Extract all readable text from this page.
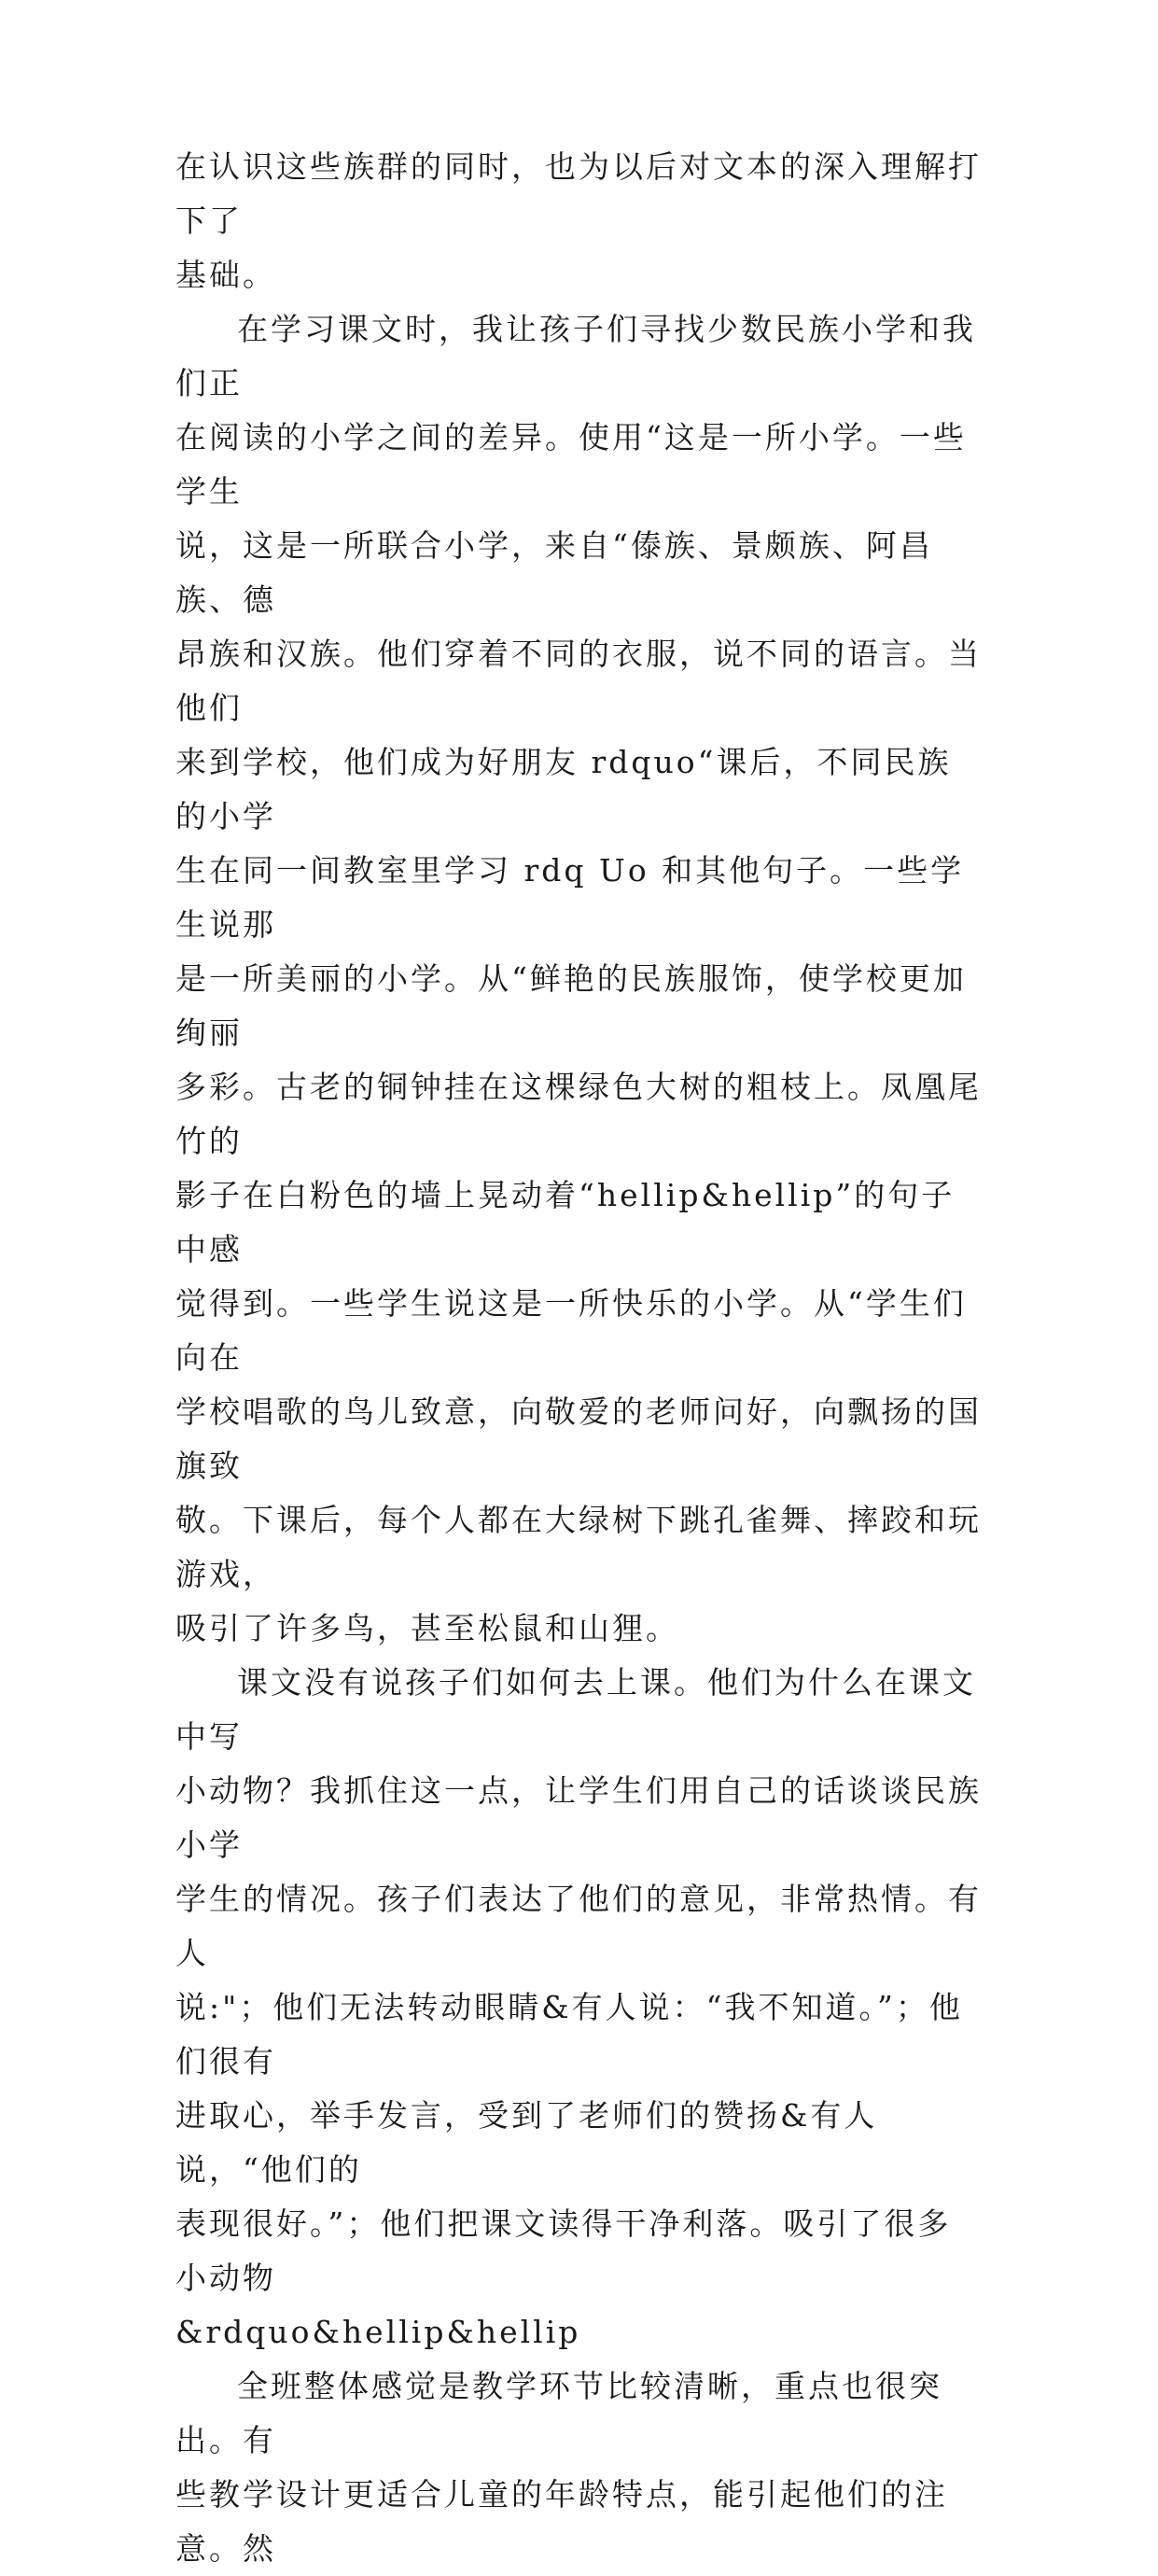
在认识这些族群的同时，也为以后对文本的深入理解打下了
基础。

在学习课文时，我让孩子们寻找少数民族小学和我们正
在阅读的小学之间的差异。使用“这是一所小学。一些学生
说，这是一所联合小学，来自“傣族、景颇族、阿昌族、德
昂族和汉族。他们穿着不同的衣服，说不同的语言。当他们
来到学校，他们成为好朋友 rdquo“课后，不同民族的小学
生在同一间教室里学习 rdq Uo 和其他句子。一些学生说那
是一所美丽的小学。从“鲜艳的民族服饰，使学校更加绚丽
多彩。古老的铜钟挂在这棵绿色大树的粗枝上。凤凰尾竹的
影子在白粉色的墙上晃动着“hellip&hellip”的句子中感
觉得到。一些学生说这是一所快乐的小学。从“学生们向在
学校唱歌的鸟儿致意，向敬爱的老师问好，向飘扬的国旗致
敬。下课后，每个人都在大绿树下跳孔雀舞、摔跤和玩游戏，
吸引了许多鸟，甚至松鼠和山狸。

课文没有说孩子们如何去上课。他们为什么在课文中写
小动物？我抓住这一点，让学生们用自己的话谈谈民族小学
学生的情况。孩子们表达了他们的意见，非常热情。有人
说:"；他们无法转动眼睛&有人说：“我不知道。”；他们很有
进取心，举手发言，受到了老师们的赞扬&有人说，“他们的
表现很好。”；他们把课文读得干净利落。吸引了很多小动物
&rdquo&hellip&hellip

全班整体感觉是教学环节比较清晰，重点也很突出。有
些教学设计更适合儿童的年龄特点，能引起他们的注意。然
